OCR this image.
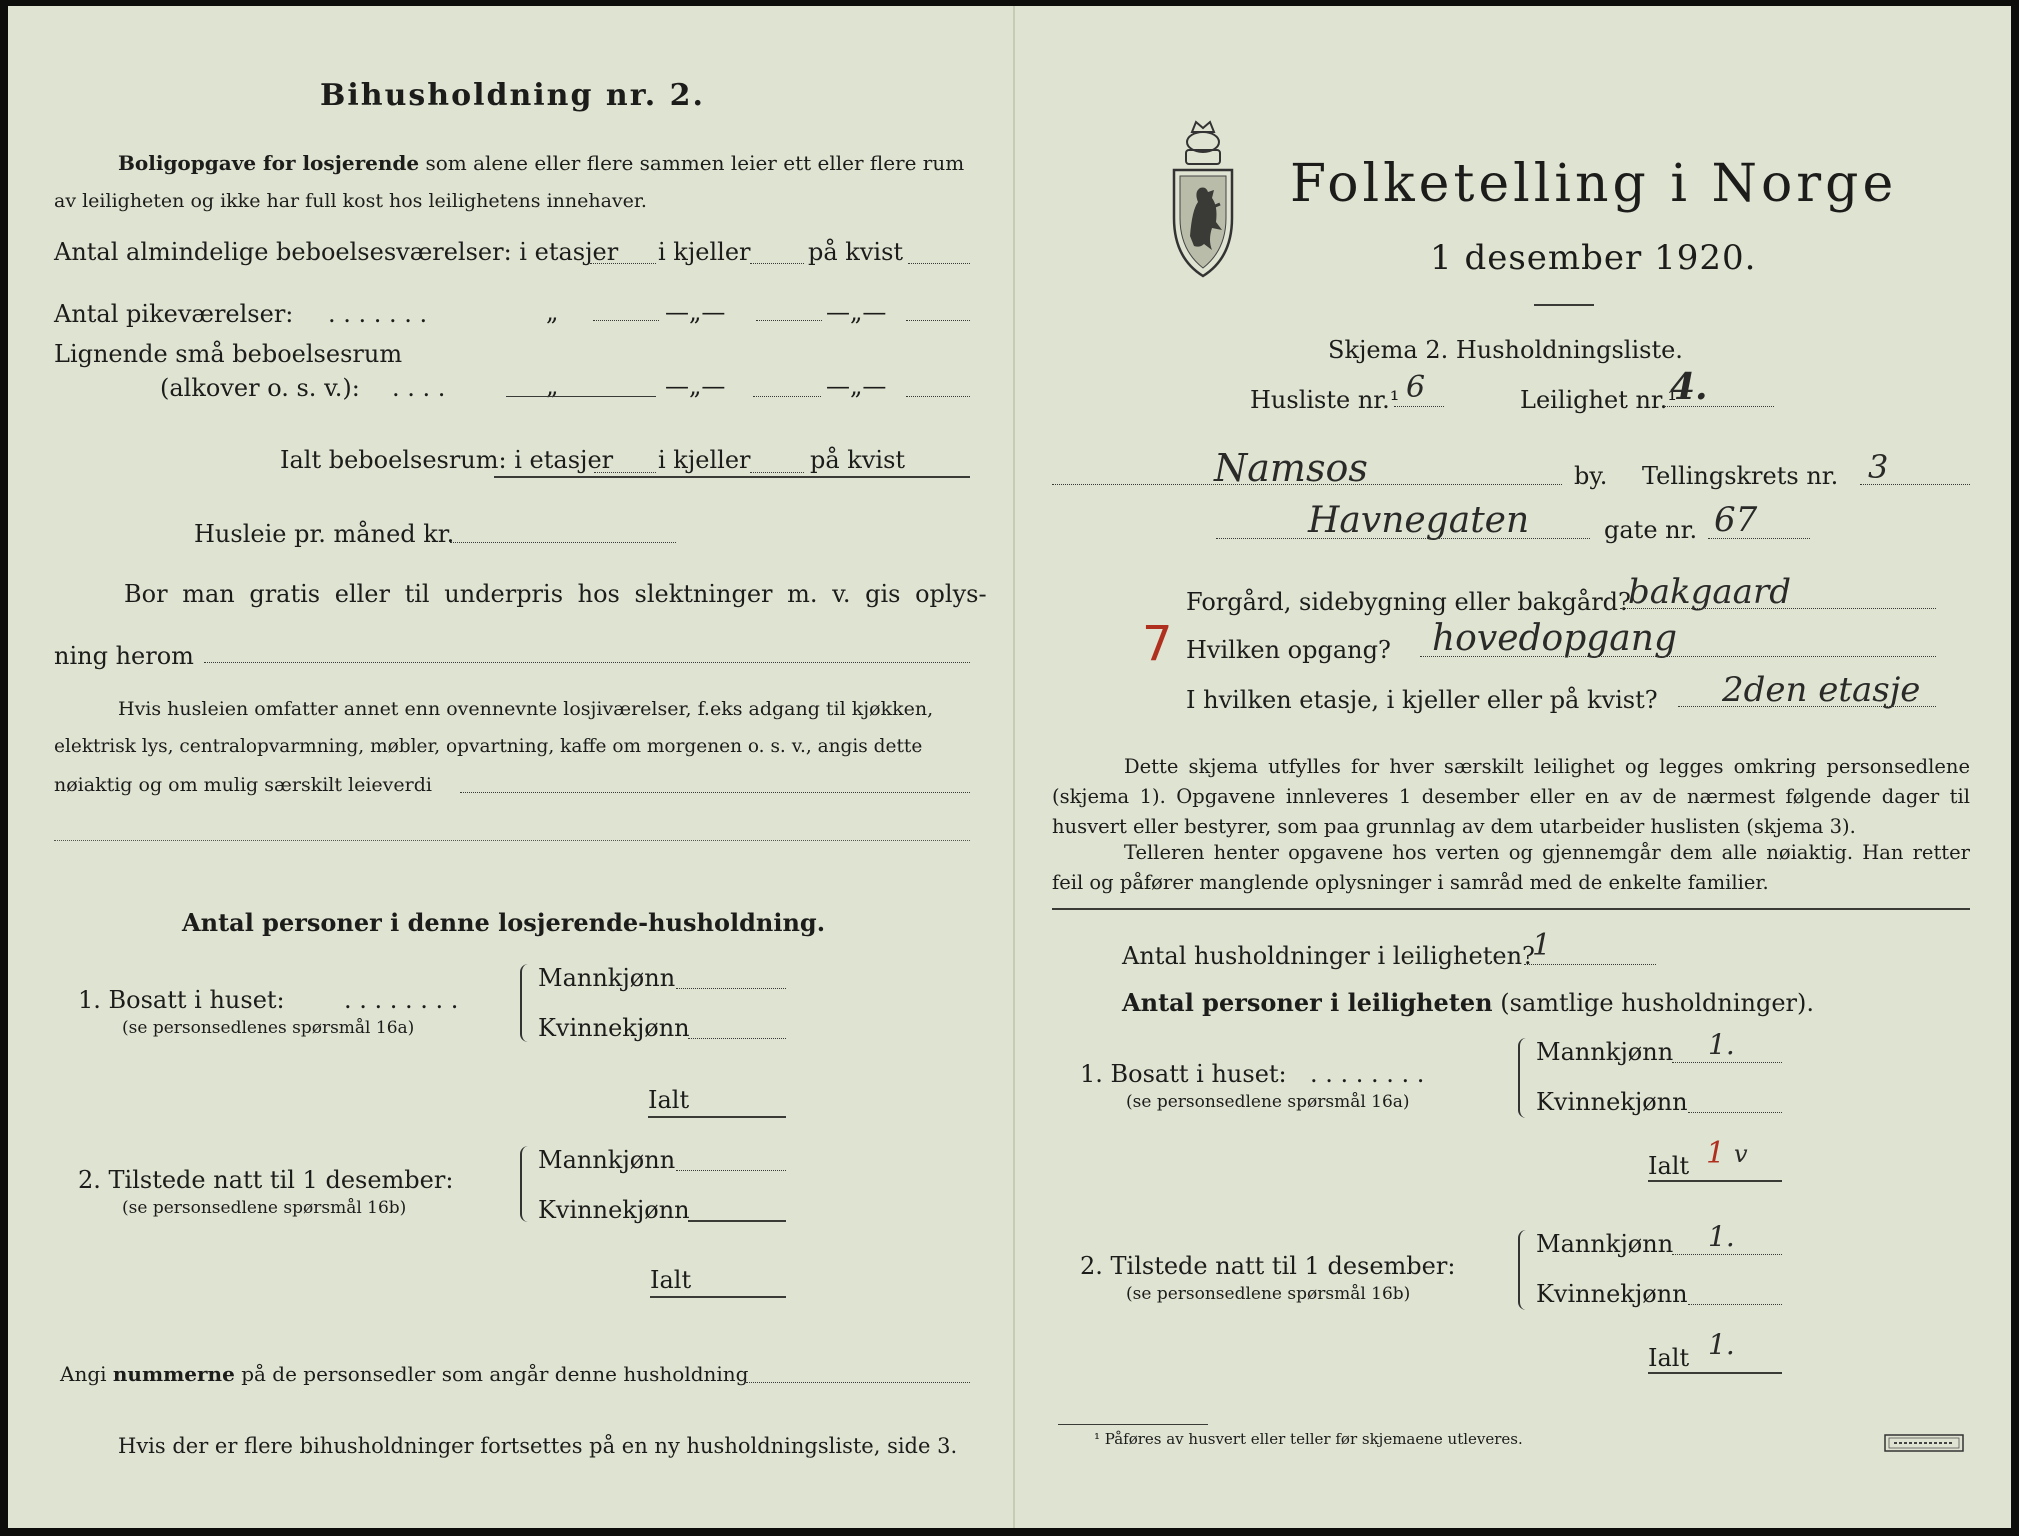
Bihusholdning nr. 2.
Boligopgave for losjerende som alene eller flere sammen leier ett eller flere rum
av leiligheten og ikke har full kost hos leilighetens innehaver.
Antal almindelige beboelsesværelser: i etasjer i kjeller på kvist
Antal pikeværelser: . . . . . . .	„	—„—	—„—
Lignende små beboelsesrum
(alkover o. s. v.): . . . .	„	—„—	—„—
Ialt beboelsesrum: i etasjer i kjeller på kvist
Husleie pr. måned kr.
Bor man gratis eller til underpris hos slektninger m. v. gis oplys-
ning herom
Hvis husleien omfatter annet enn ovennevnte losjiværelser, f.eks adgang til kjøkken,
elektrisk lys, centralopvarmning, møbler, opvartning, kaffe om morgenen o. s. v., angis dette
nøiaktig og om mulig særskilt leieverdi
Antal personer i denne losjerende-husholdning.
1. Bosatt i huset: . . . . . . . .
(se personsedlenes spørsmål 16a)
Mannkjønn
Kvinnekjønn
Ialt
2. Tilstede natt til 1 desember:
(se personsedlene spørsmål 16b)
Mannkjønn
Kvinnekjønn
Ialt
Angi nummerne på de personsedler som angår denne husholdning
Hvis der er flere bihusholdninger fortsettes på en ny husholdningsliste, side 3.
Folketelling i Norge
1 desember 1920.
Skjema 2. Husholdningsliste.
Husliste nr.¹ 6	Leilighet nr.¹
4.
Namsos	by. Tellingskrets nr. 3
Havnegaten	gate nr. 67
Forgård, sidebygning eller bakgård?
bakgaard
7 Hvilken opgang? hovedopgang
I hvilken etasje, i kjeller eller på kvist? 2den etasje
Dette skjema utfylles for hver særskilt leilighet og legges omkring personsedlene (skjema 1). Opgavene innleveres 1 desember eller en av de nærmest følgende dager til husvert eller bestyrer, som paa grunnlag av dem utarbeider huslisten (skjema 3).
Telleren henter opgavene hos verten og gjennemgår dem alle nøiaktig. Han retter feil og påfører manglende oplysninger i samråd med de enkelte familier.
Antal husholdninger i leiligheten?
1
Antal personer i leiligheten (samtlige husholdninger).
1. Bosatt i huset: . . . . . . . .
(se personsedlene spørsmål 16a)
Mannkjønn 1.
Kvinnekjønn
Ialt 1 v
2. Tilstede natt til 1 desember:
(se personsedlene spørsmål 16b)
Mannkjønn 1.
Kvinnekjønn
Ialt 1.
¹ Påføres av husvert eller teller før skjemaene utleveres.
